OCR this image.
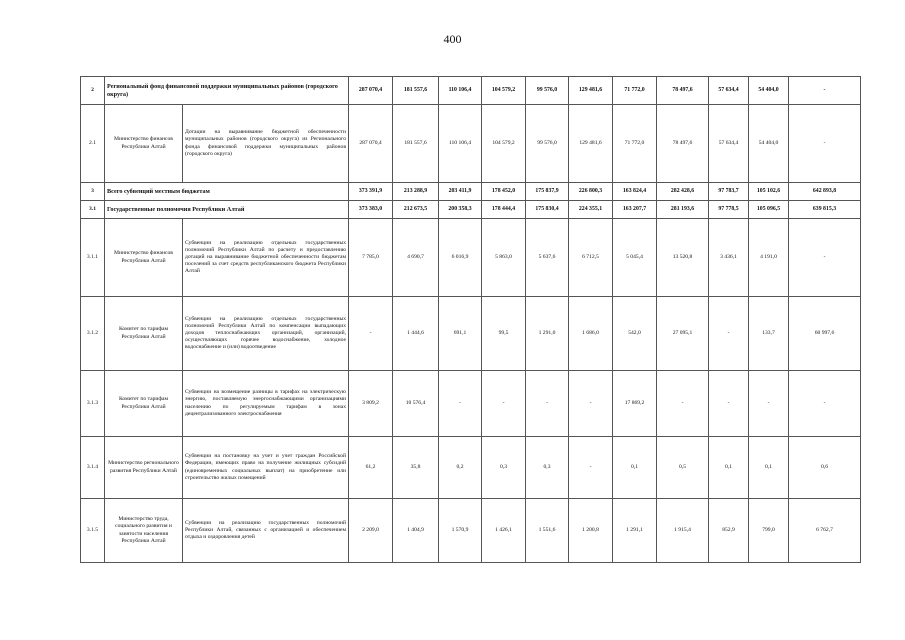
400
2	Региональный фонд финансовой поддержки муниципальных районов (городского округа)		287 070,4	181 557,6	110 106,4	104 579,2	99 576,0	129 481,6	71 772,0	78 497,6	57 634,4	54 404,0	-
2.1	Министерство финансов Республики Алтай	Дотации на выравнивание бюджетной обеспеченности муниципальных районов (городского округа) из Регионального фонда финансовой поддержки муниципальных районов (городского округа)	287 070,4	181 557,6	110 106,4	104 579,2	99 576,0	129 481,6	71 772,0	78 497,6	57 634,4	54 404,0	-
3	Всего субвенций местным бюджетам		373 391,9	213 288,9	203 411,9	178 452,0	175 837,9	226 800,3	163 824,4	282 428,6	97 783,7	105 102,6	642 893,8
3.1	Государственные полномочия Республики Алтай		373 383,0	212 673,5	200 358,3	178 444,4	175 830,4	224 355,1	163 207,7	281 193,6	97 778,5	105 096,5	639 815,3
3.1.1	Министерство финансов Республики Алтай	Субвенции на реализацию отдельных государственных полномочий Республики Алтай по расчету и предоставлению дотаций на выравнивание бюджетной обеспеченности бюджетам поселений за счет средств республиканского бюджета Республики Алтай	7 785,0	4 690,7	6 016,9	5 863,0	5 637,6	6 712,5	5 045,4	13 520,8	3 436,1	4 191,0	-
3.1.2	Комитет по тарифам Республики Алтай	Субвенции на реализацию отдельных государственных полномочий Республики Алтай по компенсации выпадающих доходов теплоснабжающих организаций, организаций, осуществляющих горячее водоснабжение, холодное водоснабжение и (или) водоотведение	-	1 444,6	691,1	99,5	1 291,0	1 686,0	542,0	27 095,1	-	133,7	60 997,6
3.1.3	Комитет по тарифам Республики Алтай	Субвенции на возмещение разницы в тарифах на электрическую энергию, поставляемую энергоснабжающими организациями населению по регулируемым тарифам в зонах децентрализованного электроснабжения	3 809,2	10 576,4	-	-	-	-	17 869,2	-	-	-	-
3.1.4	Министерство регионального развития Республики Алтай	Субвенции на постановку на учет и учет граждан Российской Федерации, имеющих право на получение жилищных субсидий (единовременных социальных выплат) на приобретение или строительство жилых помещений	61,2	35,8	0,2	0,3	0,3	-	0,1	0,5	0,1	0,1	0,6
3.1.5	Министерство труда, социального развития и занятости населения Республики Алтай	Субвенции на реализацию государственных полномочий Республики Алтай, связанных с организацией и обеспечением отдыха и оздоровления детей	2 209,0	1 404,9	1 570,9	1 426,1	1 551,6	1 200,8	1 291,1	1 915,4	852,9	799,0	6 762,7
